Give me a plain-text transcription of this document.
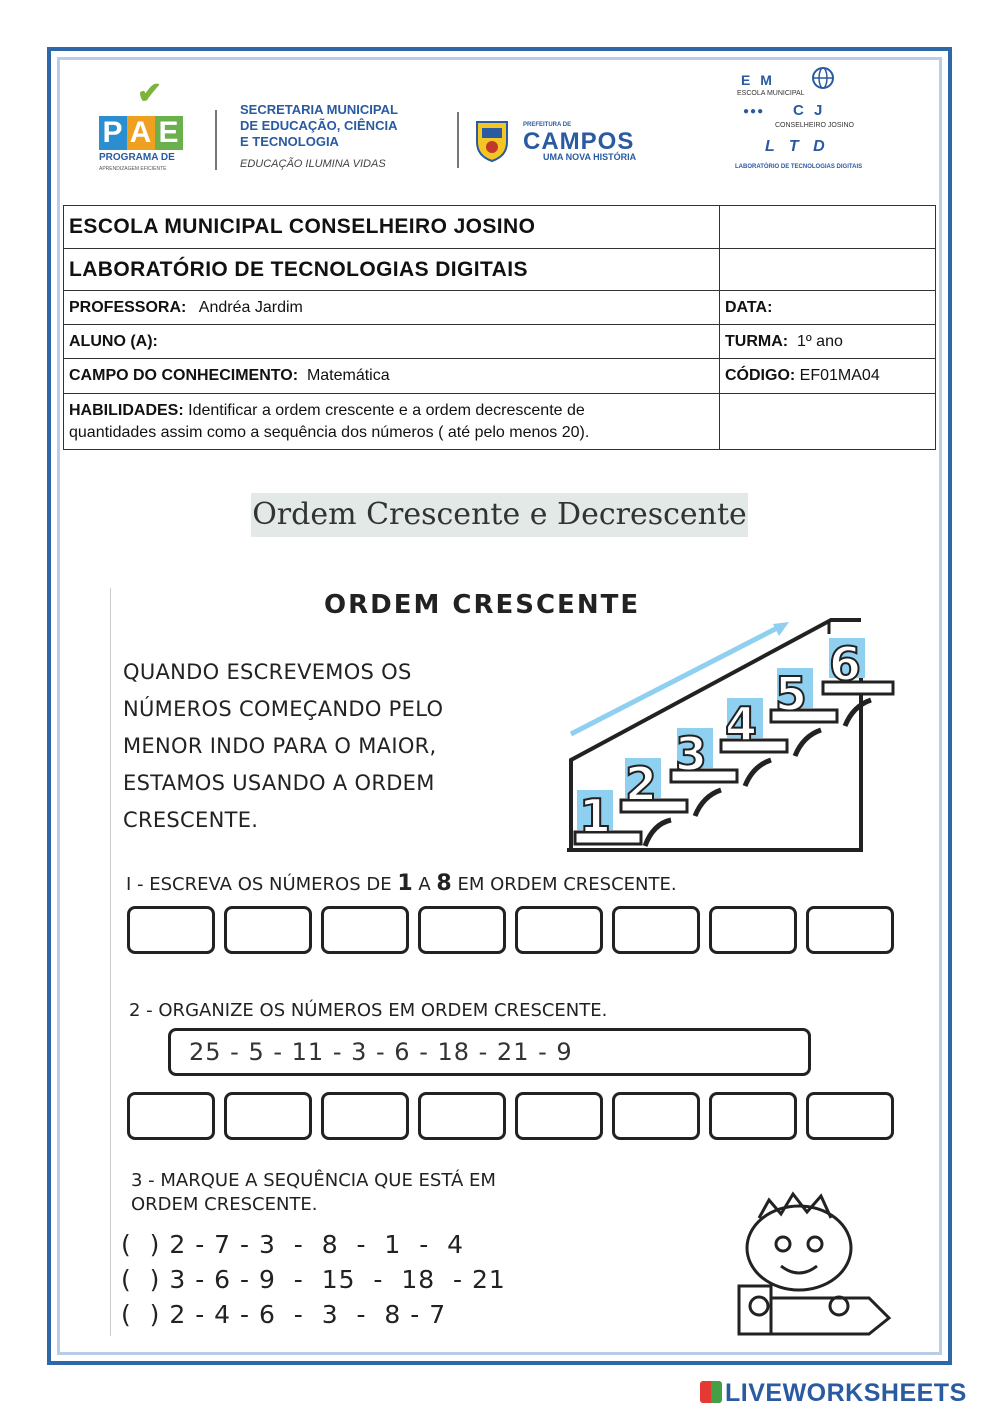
✔
P A E
PROGRAMA DE
APRENDIZAGEM EFICIENTE
SECRETARIA MUNICIPAL
DE EDUCAÇÃO, CIÊNCIA
E TECNOLOGIA
EDUCAÇÃO ILUMINA VIDAS
PREFEITURA DE
CAMPOS
UMA NOVA HISTÓRIA
E M
ESCOLA MUNICIPAL
●●● C J
CONSELHEIRO JOSINO
L T D
LABORATÓRIO DE TECNOLOGIAS DIGITAIS
ESCOLA MUNICIPAL CONSELHEIRO JOSINO	
LABORATÓRIO DE TECNOLOGIAS DIGITAIS	
PROFESSORA: Andréa Jardim	DATA:
ALUNO (A):	TURMA: 1º ano
CAMPO DO CONHECIMENTO: Matemática	CÓDIGO: EF01MA04
HABILIDADES: Identificar a ordem crescente e a ordem decrescente de
quantidades assim como a sequência dos números ( até pelo menos 20).	
Ordem Crescente e Decrescente
ORDEM CRESCENTE
QUANDO ESCREVEMOS OS
NÚMEROS COMEÇANDO PELO
MENOR INDO PARA O MAIOR,
ESTAMOS USANDO A ORDEM
CRESCENTE.	1
2
3
4
5
6
I - ESCREVA OS NÚMEROS DE 1 A 8 EM ORDEM CRESCENTE.
2 - ORGANIZE OS NÚMEROS EM ORDEM CRESCENTE.
25 - 5 - 11 - 3 - 6 - 18 - 21 - 9
3 - MARQUE A SEQUÊNCIA QUE ESTÁ EM
ORDEM CRESCENTE.
(  ) 2 - 7 - 3  -  8  -  1  -  4
(  ) 3 - 6 - 9  -  15  -  18  - 21
(  ) 2 - 4 - 6  -  3  -  8 - 7
LIVEWORKSHEETS
